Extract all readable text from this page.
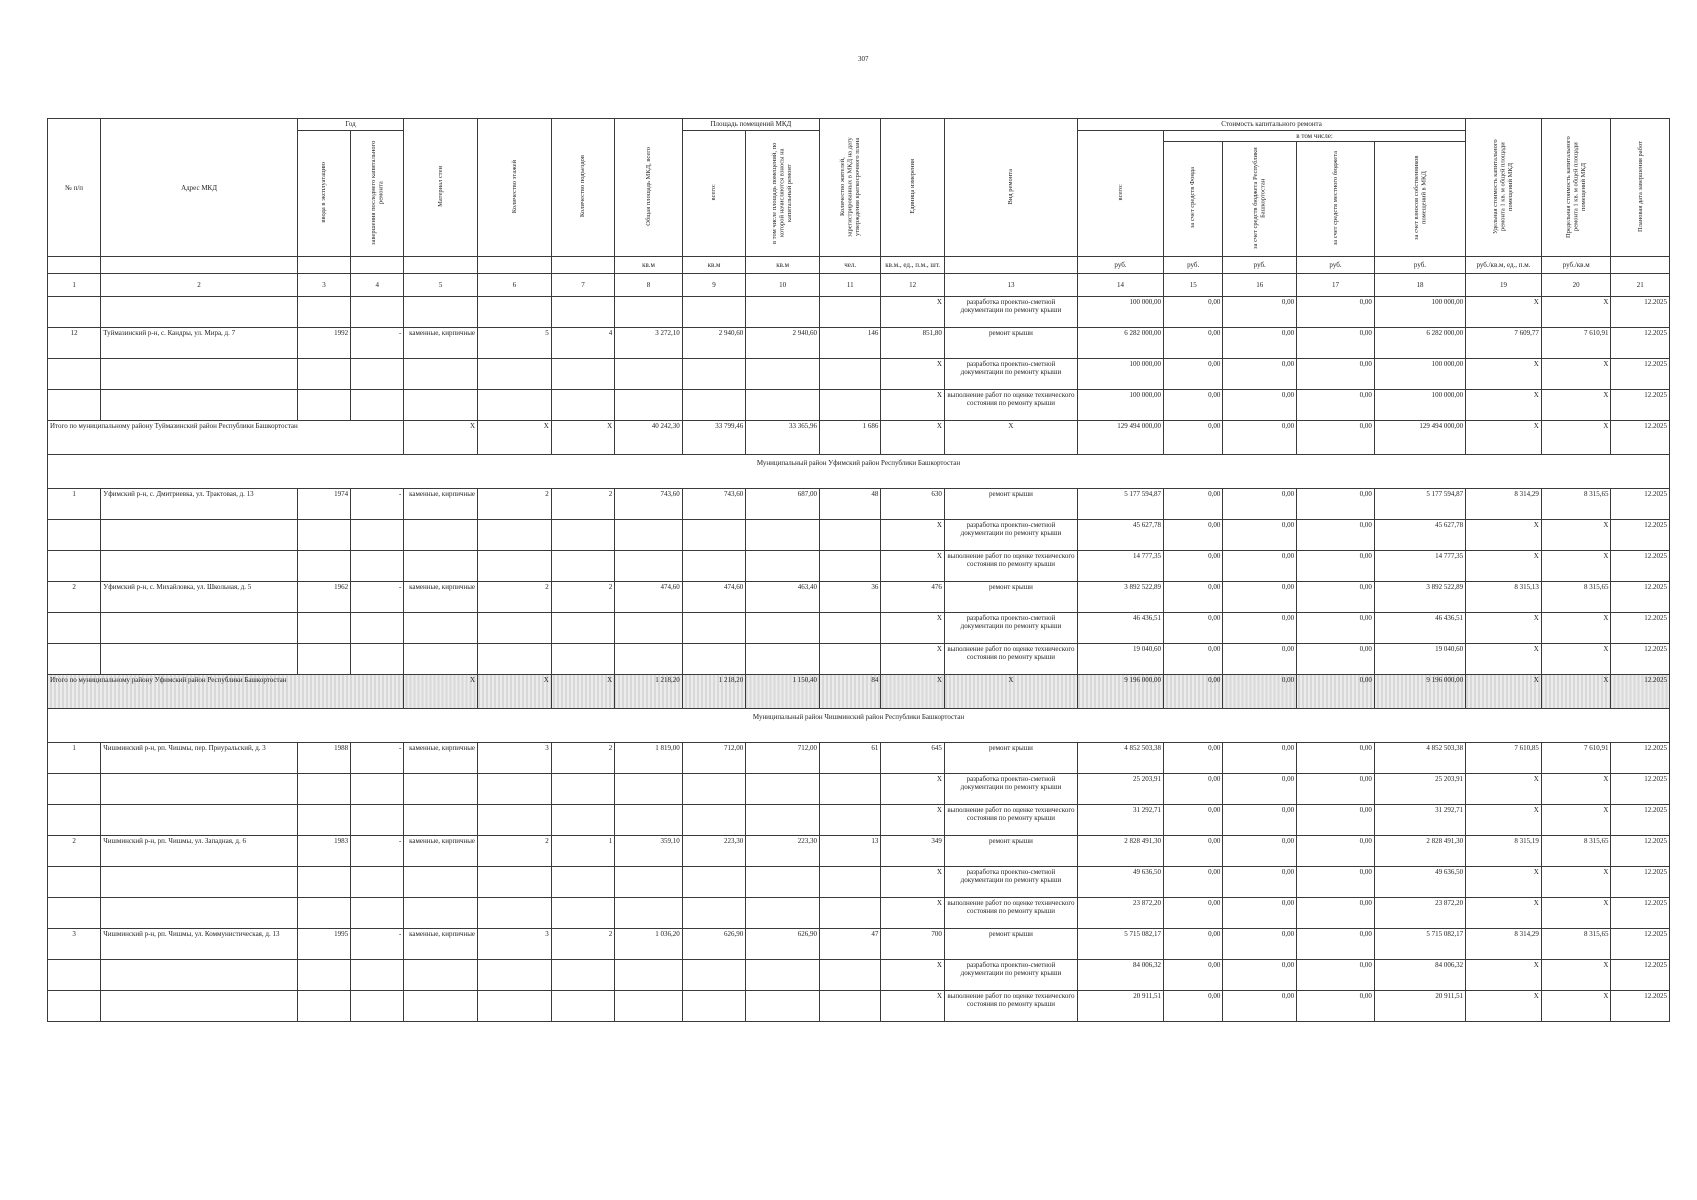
307
№ п/п	Адрес МКД	Год		Материал стен	Количество этажей	Количество подъездов	Общая площадь МКД, всего	Площадь помещений МКД		Количество жителей, зарегистрированных в МКД на дату утверждения краткосрочного плана	Единица измерения	Вид ремонта	Стоимость капитального ремонта					Удельная стоимость капитального ремонта 1 кв. м общей площади помещений МКД	Предельная стоимость капитального ремонта 1 кв. м общей площади помещений МКД	Плановая дата завершения работ
		ввода в эксплуатацию	завершения последнего капитального ремонта					всего:	в том числе площадь помещений, по которой начисляются взносы на капитальный ремонт				всего:	в том числе:						
														за счет средств Фонда	за счет средств бюджета Республики Башкортостан	за счет средств местного бюджета	за счет взносов собственников помещений в МКД			
							кв.м	кв.м	кв.м	чел.	кв.м., ед., п.м., шт.		руб.	руб.	руб.	руб.	руб.	руб./кв.м, ед., п.м.	руб./кв.м	
1	2	3	4	5	6	7	8	9	10	11	12	13	14	15	16	17	18	19	20	21
											X	разработка проектно-сметной документации по ремонту крыши	100 000,00	0,00	0,00	0,00	100 000,00	X	X	12.2025
12	Туймазинский р-н, с. Кандры, ул. Мира, д. 7	1992	-	каменные, кирпичные	5	4	3 272,10	2 940,60	2 940,60	146	851,80	ремонт крыши	6 282 000,00	0,00	0,00	0,00	6 282 000,00	7 609,77	7 610,91	12.2025
											X	разработка проектно-сметной документации по ремонту крыши	100 000,00	0,00	0,00	0,00	100 000,00	X	X	12.2025
											X	выполнение работ по оценке технического состояния по ремонту крыши	100 000,00	0,00	0,00	0,00	100 000,00	X	X	12.2025
Итого по муниципальному району Туймазинский район Республики Башкортостан				X	X	X	40 242,30	33 799,46	33 365,96	1 686	X	X	129 494 000,00	0,00	0,00	0,00	129 494 000,00	X	X	12.2025
Муниципальный район Уфимский район Республики Башкортостан																				
1	Уфимский р-н, с. Дмитриевка, ул. Трактовая, д. 13	1974	-	каменные, кирпичные	2	2	743,60	743,60	687,00	48	630	ремонт крыши	5 177 594,87	0,00	0,00	0,00	5 177 594,87	8 314,29	8 315,65	12.2025
											X	разработка проектно-сметной документации по ремонту крыши	45 627,78	0,00	0,00	0,00	45 627,78	X	X	12.2025
											X	выполнение работ по оценке технического состояния по ремонту крыши	14 777,35	0,00	0,00	0,00	14 777,35	X	X	12.2025
2	Уфимский р-н, с. Михайловка, ул. Школьная, д. 5	1962	-	каменные, кирпичные	2	2	474,60	474,60	463,40	36	476	ремонт крыши	3 892 522,89	0,00	0,00	0,00	3 892 522,89	8 315,13	8 315,65	12.2025
											X	разработка проектно-сметной документации по ремонту крыши	46 436,51	0,00	0,00	0,00	46 436,51	X	X	12.2025
											X	выполнение работ по оценке технического состояния по ремонту крыши	19 040,60	0,00	0,00	0,00	19 040,60	X	X	12.2025
Итого по муниципальному району Уфимский район Республики Башкортостан				X	X	X	1 218,20	1 218,20	1 150,40	84	X	X	9 196 000,00	0,00	0,00	0,00	9 196 000,00	X	X	12.2025
Муниципальный район Чишминский район Республики Башкортостан																				
1	Чишминский р-н, рп. Чишмы, пер. Приуральский, д. 3	1988	-	каменные, кирпичные	3	2	1 819,00	712,00	712,00	61	645	ремонт крыши	4 852 503,38	0,00	0,00	0,00	4 852 503,38	7 610,85	7 610,91	12.2025
											X	разработка проектно-сметной документации по ремонту крыши	25 203,91	0,00	0,00	0,00	25 203,91	X	X	12.2025
											X	выполнение работ по оценке технического состояния по ремонту крыши	31 292,71	0,00	0,00	0,00	31 292,71	X	X	12.2025
2	Чишминский р-н, рп. Чишмы, ул. Западная, д. 6	1983	-	каменные, кирпичные	2	1	359,10	223,30	223,30	13	349	ремонт крыши	2 828 491,30	0,00	0,00	0,00	2 828 491,30	8 315,19	8 315,65	12.2025
											X	разработка проектно-сметной документации по ремонту крыши	49 636,50	0,00	0,00	0,00	49 636,50	X	X	12.2025
											X	выполнение работ по оценке технического состояния по ремонту крыши	23 872,20	0,00	0,00	0,00	23 872,20	X	X	12.2025
3	Чишминский р-н, рп. Чишмы, ул. Коммунистическая, д. 13	1995	-	каменные, кирпичные	3	2	1 036,20	626,90	626,90	47	700	ремонт крыши	5 715 082,17	0,00	0,00	0,00	5 715 082,17	8 314,29	8 315,65	12.2025
											X	разработка проектно-сметной документации по ремонту крыши	84 006,32	0,00	0,00	0,00	84 006,32	X	X	12.2025
											X	выполнение работ по оценке технического состояния по ремонту крыши	20 911,51	0,00	0,00	0,00	20 911,51	X	X	12.2025
